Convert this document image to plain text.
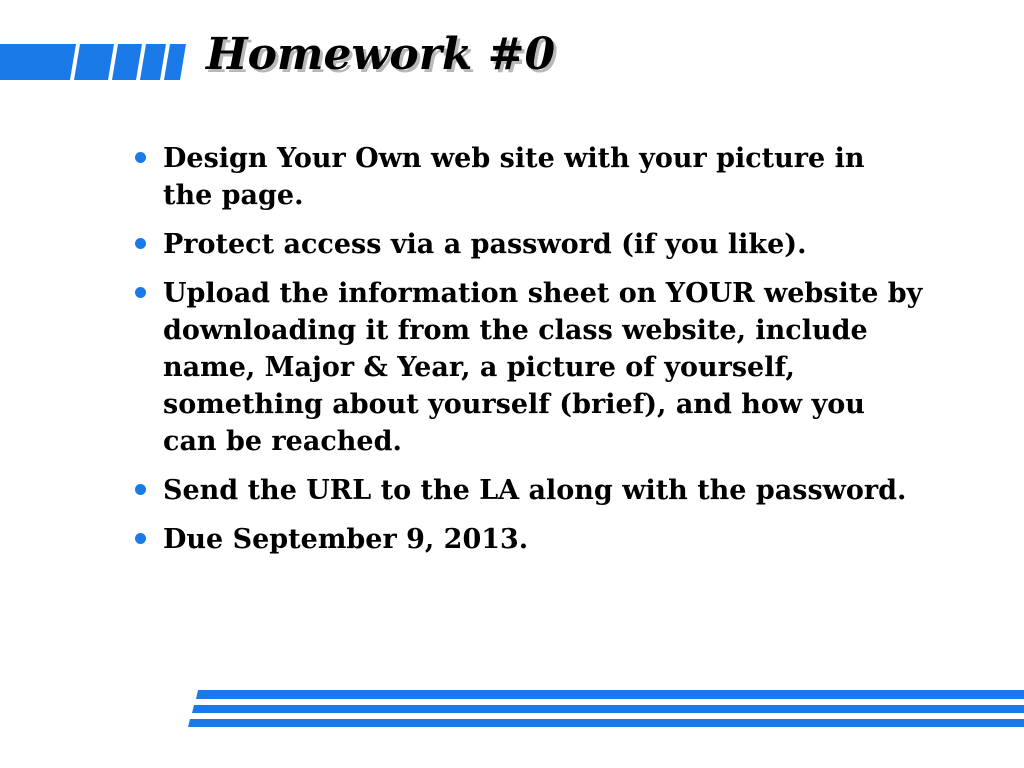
Homework #0
Design Your Own web site with your picture in the page.
Protect access via a password (if you like).
Upload the information sheet on YOUR website by downloading it from the class website, include name, Major & Year, a picture of yourself, something about yourself (brief), and how you can be reached.
Send the URL to the LA along with the password.
Due September 9, 2013.
